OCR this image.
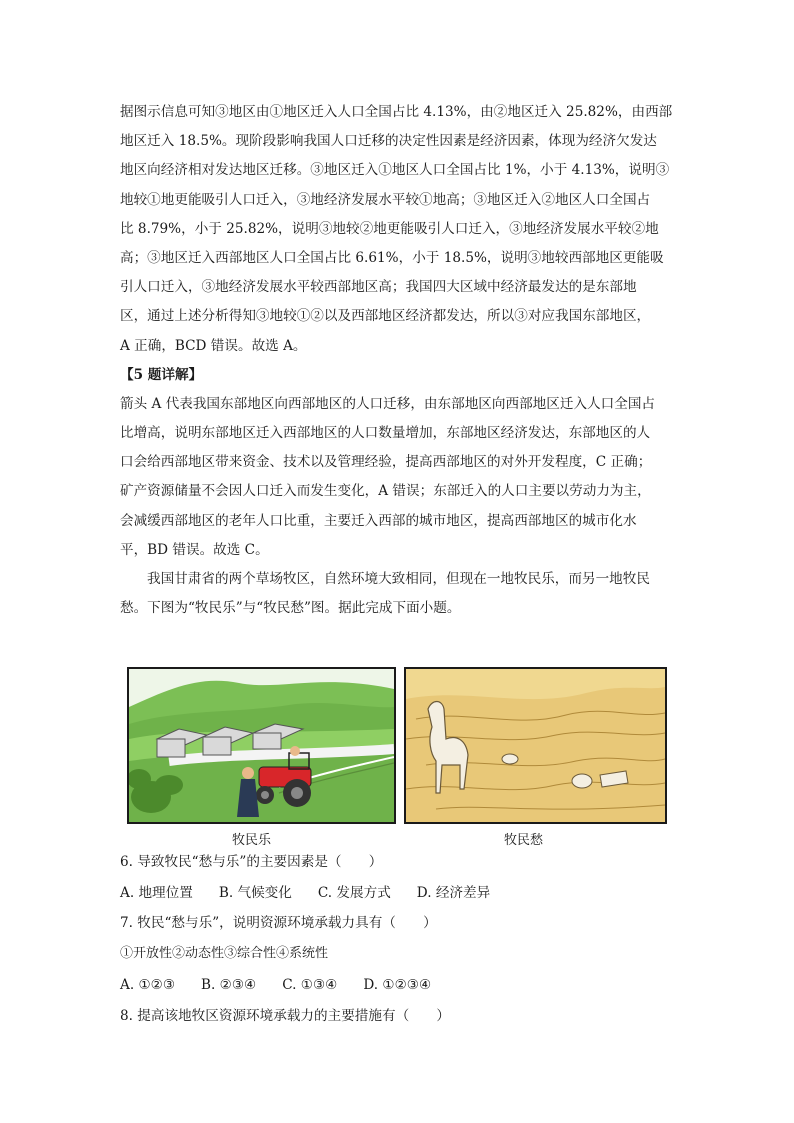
据图示信息可知③地区由①地区迁入人口全国占比 4.13%，由②地区迁入 25.82%，由西部
地区迁入 18.5%。现阶段影响我国人口迁移的决定性因素是经济因素，体现为经济欠发达
地区向经济相对发达地区迁移。③地区迁入①地区人口全国占比 1%，小于 4.13%，说明③
地较①地更能吸引人口迁入，③地经济发展水平较①地高；③地区迁入②地区人口全国占
比 8.79%，小于 25.82%，说明③地较②地更能吸引人口迁入，③地经济发展水平较②地
高；③地区迁入西部地区人口全国占比 6.61%，小于 18.5%，说明③地较西部地区更能吸
引人口迁入，③地经济发展水平较西部地区高；我国四大区域中经济最发达的是东部地
区，通过上述分析得知③地较①②以及西部地区经济都发达，所以③对应我国东部地区，
A 正确，BCD 错误。故选 A。
【5 题详解】
箭头 A 代表我国东部地区向西部地区的人口迁移，由东部地区向西部地区迁入人口全国占
比增高，说明东部地区迁入西部地区的人口数量增加，东部地区经济发达，东部地区的人
口会给西部地区带来资金、技术以及管理经验，提高西部地区的对外开发程度，C 正确；
矿产资源储量不会因人口迁入而发生变化，A 错误；东部迁入的人口主要以劳动力为主，
会减缓西部地区的老年人口比重，主要迁入西部的城市地区，提高西部地区的城市化水
平，BD 错误。故选 C。
我国甘肃省的两个草场牧区，自然环境大致相同，但现在一地牧民乐，而另一地牧民
愁。下图为“牧民乐”与“牧民愁”图。据此完成下面小题。
牧民乐	牧民愁
6. 导致牧民“愁与乐”的主要因素是（　　）
A. 地理位置 B. 气候变化 C. 发展方式 D. 经济差异
7. 牧民“愁与乐”，说明资源环境承载力具有（　　）
①开放性②动态性③综合性④系统性
A. ①②③ B. ②③④ C. ①③④ D. ①②③④
8. 提高该地牧区资源环境承载力的主要措施有（　　）
